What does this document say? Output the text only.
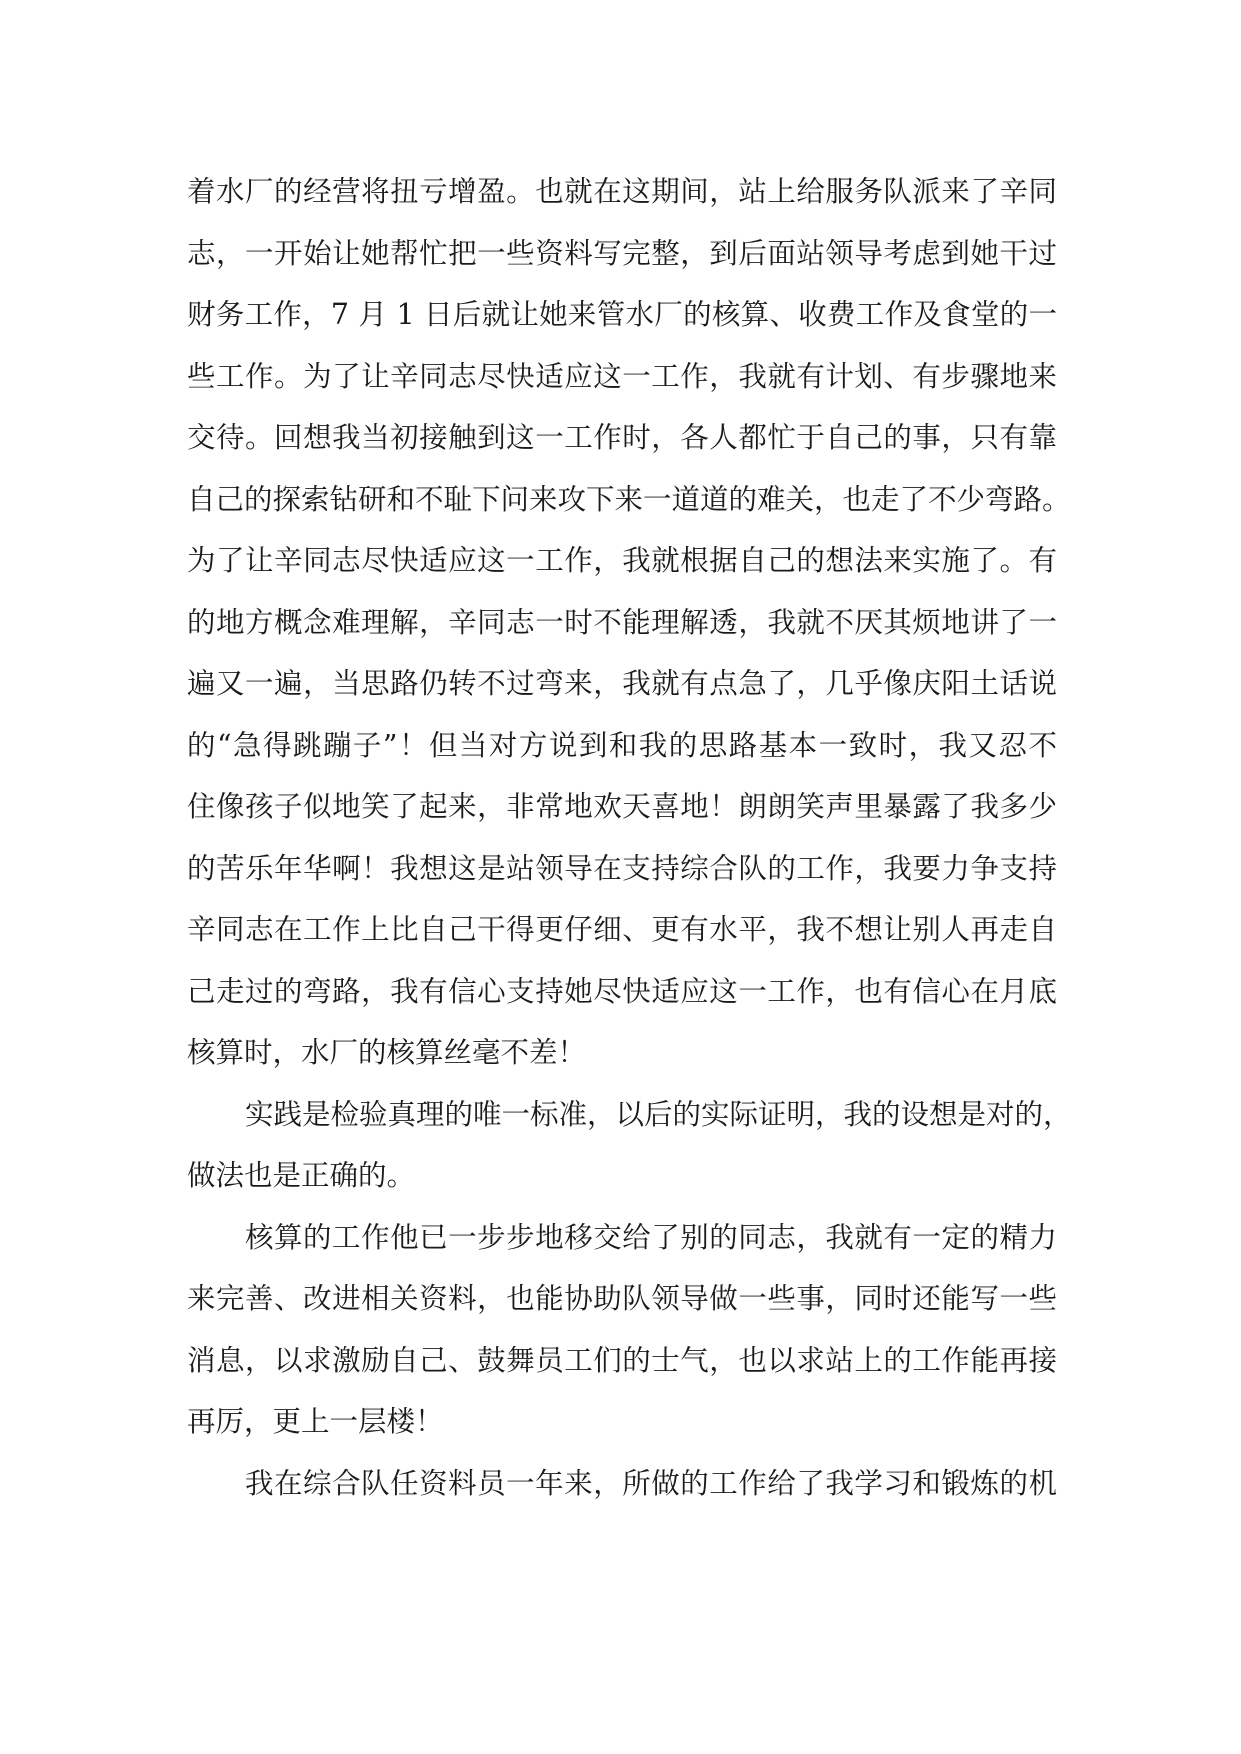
着水厂的经营将扭亏增盈。也就在这期间，站上给服务队派来了辛同
志，一开始让她帮忙把一些资料写完整，到后面站领导考虑到她干过
财务工作，7 月 1 日后就让她来管水厂的核算、收费工作及食堂的一
些工作。为了让辛同志尽快适应这一工作，我就有计划、有步骤地来
交待。回想我当初接触到这一工作时，各人都忙于自己的事，只有靠
自己的探索钻研和不耻下问来攻下来一道道的难关，也走了不少弯路。
为了让辛同志尽快适应这一工作，我就根据自己的想法来实施了。有
的地方概念难理解，辛同志一时不能理解透，我就不厌其烦地讲了一
遍又一遍，当思路仍转不过弯来，我就有点急了，几乎像庆阳土话说
的“急得跳蹦子”！但当对方说到和我的思路基本一致时，我又忍不
住像孩子似地笑了起来，非常地欢天喜地！朗朗笑声里暴露了我多少
的苦乐年华啊！我想这是站领导在支持综合队的工作，我要力争支持
辛同志在工作上比自己干得更仔细、更有水平，我不想让别人再走自
己走过的弯路，我有信心支持她尽快适应这一工作，也有信心在月底
核算时，水厂的核算丝毫不差！
实践是检验真理的唯一标准，以后的实际证明，我的设想是对的，
做法也是正确的。
核算的工作他已一步步地移交给了别的同志，我就有一定的精力
来完善、改进相关资料，也能协助队领导做一些事，同时还能写一些
消息，以求激励自己、鼓舞员工们的士气，也以求站上的工作能再接
再厉，更上一层楼！
我在综合队任资料员一年来，所做的工作给了我学习和锻炼的机
